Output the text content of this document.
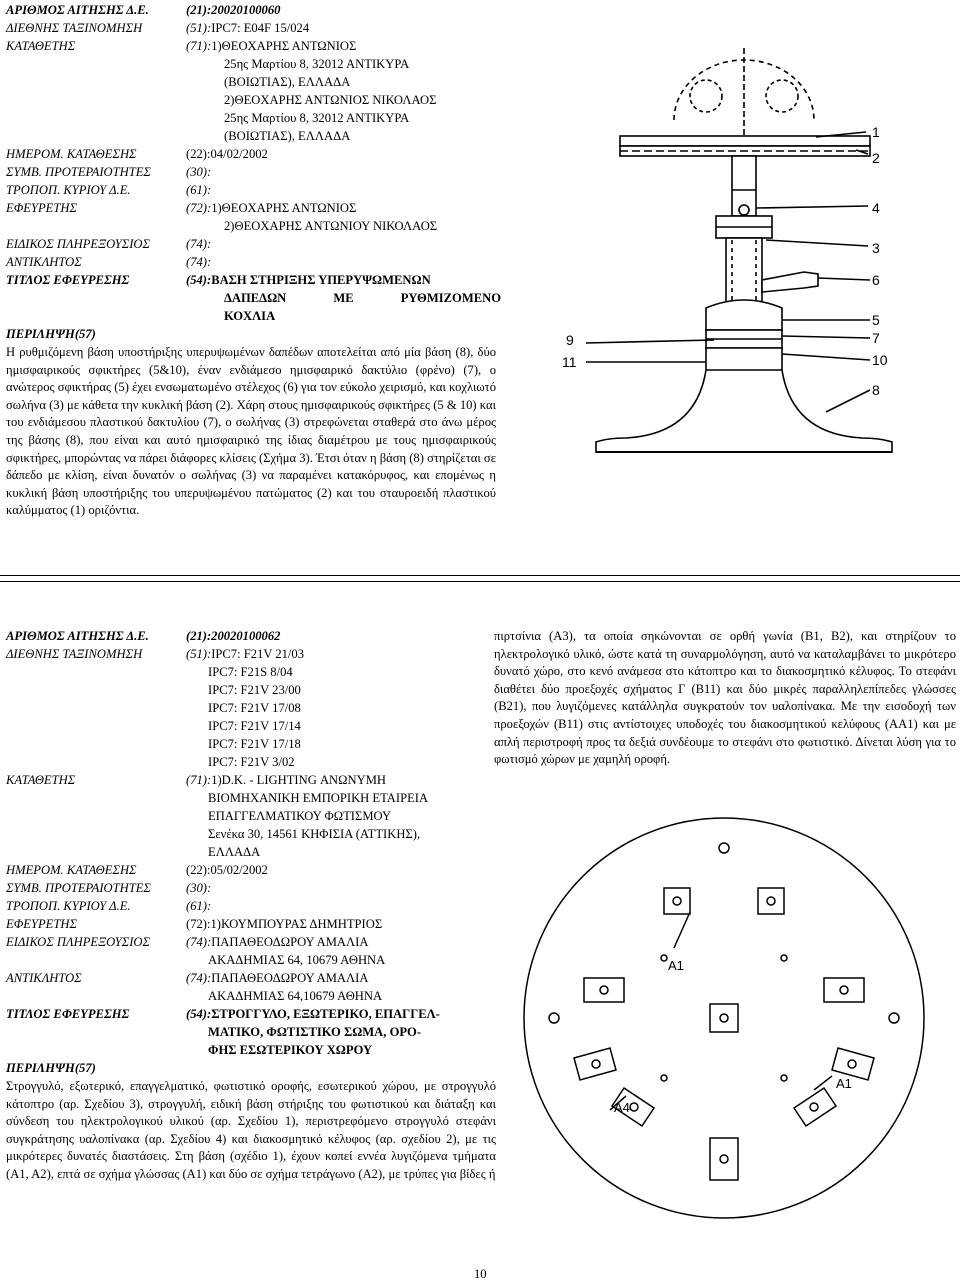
ΑΡΙΘΜΟΣ ΑΙΤΗΣΗΣ Δ.Ε.	(21):20020100060
ΔΙΕΘΝΗΣ ΤΑΞΙΝΟΜΗΣΗ	(51):IPC7: E04F 15/024
ΚΑΤΑΘΕΤΗΣ	(71):1)ΘΕΟΧΑΡΗΣ ΑΝΤΩΝΙΟΣ
25ης Μαρτίου 8, 32012 ΑΝΤΙΚΥΡΑ
(ΒΟΙΩΤΙΑΣ), ΕΛΛΑΔΑ
2)ΘΕΟΧΑΡΗΣ ΑΝΤΩΝΙΟΣ ΝΙΚΟΛΑΟΣ
25ης Μαρτίου 8, 32012 ΑΝΤΙΚΥΡΑ
(ΒΟΙΩΤΙΑΣ), ΕΛΛΑΔΑ
ΗΜΕΡΟΜ. ΚΑΤΑΘΕΣΗΣ	(22):04/02/2002
ΣΥΜΒ. ΠΡΟΤΕΡΑΙΟΤΗΤΕΣ	(30):
ΤΡΟΠΟΠ. ΚΥΡΙΟΥ Δ.Ε.	(61):
ΕΦΕΥΡΕΤΗΣ	(72):1)ΘΕΟΧΑΡΗΣ ΑΝΤΩΝΙΟΣ
2)ΘΕΟΧΑΡΗΣ ΑΝΤΩΝΙΟΥ ΝΙΚΟΛΑΟΣ
ΕΙΔΙΚΟΣ ΠΛΗΡΕΞΟΥΣΙΟΣ	(74):
ΑΝΤΙΚΛΗΤΟΣ	(74):
ΤΙΤΛΟΣ ΕΦΕΥΡΕΣΗΣ	(54):ΒΑΣΗ ΣΤΗΡΙΞΗΣ ΥΠΕΡΥΨΩΜΕΝΩΝ
ΔΑΠΕΔΩΝ ΜΕ ΡΥΘΜΙΖΟΜΕΝΟ
ΚΟΧΛΙΑ
ΠΕΡΙΛΗΨΗ(57)
Η ρυθμιζόμενη βάση υποστήριξης υπερυψωμένων δαπέδων αποτελείται από μία βάση (8), δύο ημισφαιρικούς σφικτήρες (5&10), έναν ενδιάμεσο ημισφαιρικό δακτύλιο (φρένο) (7), ο ανώτερος σφικτήρας (5) έχει ενσωματωμένο στέλεχος (6) για τον εύκολο χειρισμό, και κοχλιωτό σωλήνα (3) με κάθετα την κυκλική βάση (2). Χάρη στους ημισφαιρικούς σφικτήρες (5 & 10) και του ενδιάμεσου πλαστικού δακτυλίου (7), ο σωλήνας (3) στρεφώνεται σταθερά στο άνω μέρος της βάσης (8), που είναι και αυτό ημισφαιρικό της ίδιας διαμέτρου με τους ημισφαιρικούς σφικτήρες, μπορώντας να πάρει διάφορες κλίσεις (Σχήμα 3). Έτσι όταν η βάση (8) στηρίζεται σε δάπεδο με κλίση, είναι δυνατόν ο σωλήνας (3) να παραμένει κατακόρυφος, και επομένως η κυκλική βάση υποστήριξης του υπερυψωμένου πατώματος (2) και του σταυροειδή πλαστικού καλύμματος (1) οριζόντια.
1
2
4
3
6
5
7
10
8
9
11
ΑΡΙΘΜΟΣ ΑΙΤΗΣΗΣ Δ.Ε.	(21):20020100062
ΔΙΕΘΝΗΣ ΤΑΞΙΝΟΜΗΣΗ	(51):IPC7: F21V 21/03
IPC7: F21S 8/04
IPC7: F21V 23/00
IPC7: F21V 17/08
IPC7: F21V 17/14
IPC7: F21V 17/18
IPC7: F21V 3/02
ΚΑΤΑΘΕΤΗΣ	(71):1)D.K. - LIGHTING ΑΝΩΝΥΜΗ
ΒΙΟΜΗΧΑΝΙΚΗ ΕΜΠΟΡΙΚΗ ΕΤΑΙΡΕΙΑ
ΕΠΑΓΓΕΛΜΑΤΙΚΟΥ ΦΩΤΙΣΜΟΥ
Σενέκα 30, 14561 ΚΗΦΙΣΙΑ (ΑΤΤΙΚΗΣ),
ΕΛΛΑΔΑ
ΗΜΕΡΟΜ. ΚΑΤΑΘΕΣΗΣ	(22):05/02/2002
ΣΥΜΒ. ΠΡΟΤΕΡΑΙΟΤΗΤΕΣ	(30):
ΤΡΟΠΟΠ. ΚΥΡΙΟΥ Δ.Ε.	(61):
ΕΦΕΥΡΕΤΗΣ	(72):1)ΚΟΥΜΠΟΥΡΑΣ ΔΗΜΗΤΡΙΟΣ
ΕΙΔΙΚΟΣ ΠΛΗΡΕΞΟΥΣΙΟΣ	(74):ΠΑΠΑΘΕΟΔΩΡΟΥ ΑΜΑΛΙΑ
ΑΚΑΔΗΜΙΑΣ 64, 10679 ΑΘΗΝΑ
ΑΝΤΙΚΛΗΤΟΣ	(74):ΠΑΠΑΘΕΟΔΩΡΟΥ ΑΜΑΛΙΑ
ΑΚΑΔΗΜΙΑΣ 64,10679 ΑΘΗΝΑ
ΤΙΤΛΟΣ ΕΦΕΥΡΕΣΗΣ	(54):ΣΤΡΟΓΓΥΛΟ, ΕΞΩΤΕΡΙΚΟ, ΕΠΑΓΓΕΛ-
ΜΑΤΙΚΟ, ΦΩΤΙΣΤΙΚΟ ΣΩΜΑ, ΟΡΟ-
ΦΗΣ ΕΣΩΤΕΡΙΚΟΥ ΧΩΡΟΥ
ΠΕΡΙΛΗΨΗ(57)
Στρογγυλό, εξωτερικό, επαγγελματικό, φωτιστικό οροφής, εσωτερικού χώρου, με στρογγυλό κάτοπτρο (αρ. Σχεδίου 3), στρογγυλή, ειδική βάση στήριξης του φωτιστικού και διάταξη και σύνδεση του ηλεκτρολογικού υλικού (αρ. Σχεδίου 1), περιστρεφόμενο στρογγυλό στεφάνι συγκράτησης υαλοπίνακα (αρ. Σχεδίου 4) και διακοσμητικό κέλυφος (αρ. σχεδίου 2), με τις μικρότερες δυνατές διαστάσεις. Στη βάση (σχέδιο 1), έχουν κοπεί εννέα λυγιζόμενα τμήματα (Α1, Α2), επτά σε σχήμα γλώσσας (Α1) και δύο σε σχήμα τετράγωνο (Α2), με τρύπες για βίδες ή
πιρτσίνια (Α3), τα οποία σηκώνονται σε ορθή γωνία (Β1, Β2), και στηρίζουν το ηλεκτρολογικό υλικό, ώστε κατά τη συναρμολόγηση, αυτό να καταλαμβάνει το μικρότερο δυνατό χώρο, στο κενό ανάμεσα στο κάτοπτρο και το διακοσμητικό κέλυφος. Το στεφάνι διαθέτει δύο προεξοχές σχήματος Γ (Β11) και δύο μικρές παραλληλεπίπεδες γλώσσες (Β21), που λυγιζόμενες κατάλληλα συγκρατούν τον υαλοπίνακα. Με την εισοδοχή των προεξοχών (Β11) στις αντίστοιχες υποδοχές του διακοσμητικού κελύφους (ΑΑ1) και με απλή περιστροφή προς τα δεξιά συνδέουμε το στεφάνι στο φωτιστικό. Δίνεται λύση για το φωτισμό χώρων με χαμηλή οροφή.
A1
A1
A4
10
